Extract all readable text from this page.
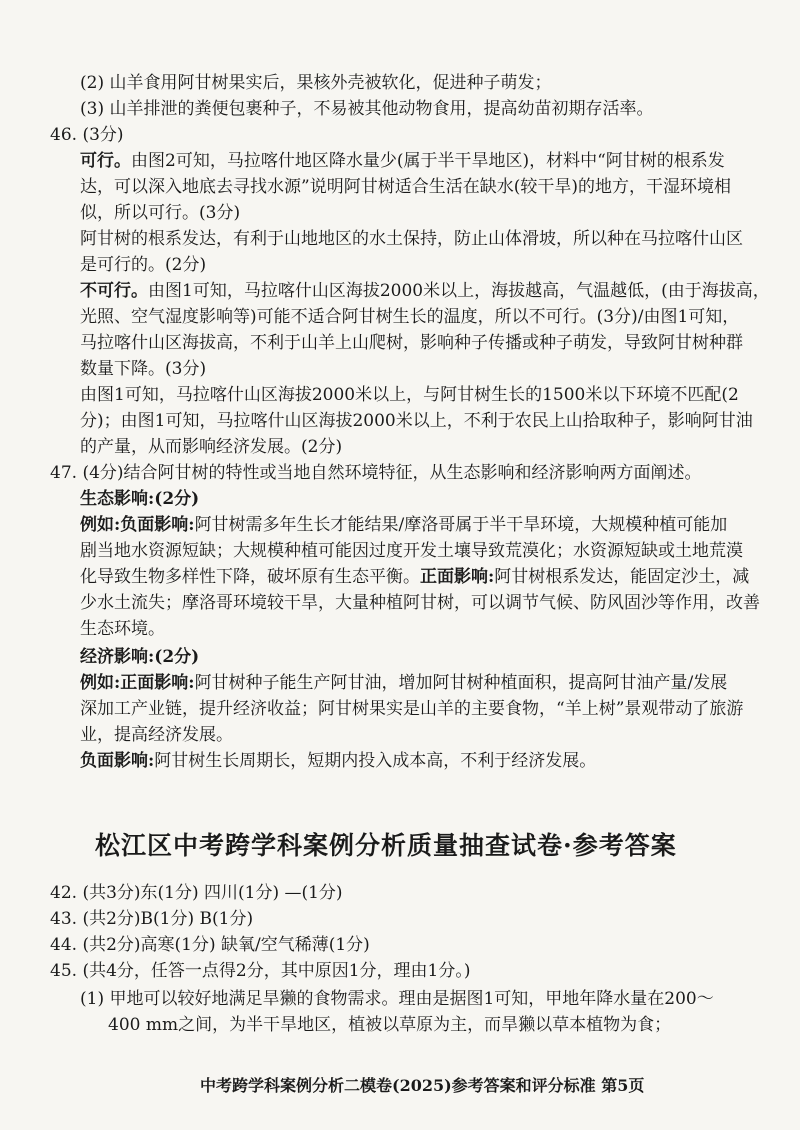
(2) 山羊食用阿甘树果实后，果核外壳被软化，促进种子萌发；
(3) 山羊排泄的粪便包裹种子，不易被其他动物食用，提高幼苗初期存活率。
46. (3分)
可行。由图2可知，马拉喀什地区降水量少(属于半干旱地区)，材料中“阿甘树的根系发
达，可以深入地底去寻找水源”说明阿甘树适合生活在缺水(较干旱)的地方，干湿环境相
似，所以可行。(3分)
阿甘树的根系发达，有利于山地地区的水土保持，防止山体滑坡，所以种在马拉喀什山区
是可行的。(2分)
不可行。由图1可知，马拉喀什山区海拔2000米以上，海拔越高，气温越低，(由于海拔高，
光照、空气湿度影响等)可能不适合阿甘树生长的温度，所以不可行。(3分)/由图1可知，
马拉喀什山区海拔高，不利于山羊上山爬树，影响种子传播或种子萌发，导致阿甘树种群
数量下降。(3分)
由图1可知，马拉喀什山区海拔2000米以上，与阿甘树生长的1500米以下环境不匹配(2
分)；由图1可知，马拉喀什山区海拔2000米以上，不利于农民上山拾取种子，影响阿甘油
的产量，从而影响经济发展。(2分)
47. (4分)结合阿甘树的特性或当地自然环境特征，从生态影响和经济影响两方面阐述。
生态影响:(2分)
例如:负面影响:阿甘树需多年生长才能结果/摩洛哥属于半干旱环境，大规模种植可能加
剧当地水资源短缺；大规模种植可能因过度开发土壤导致荒漠化；水资源短缺或土地荒漠
化导致生物多样性下降，破坏原有生态平衡。正面影响:阿甘树根系发达，能固定沙土，减
少水土流失；摩洛哥环境较干旱，大量种植阿甘树，可以调节气候、防风固沙等作用，改善
生态环境。
经济影响:(2分)
例如:正面影响:阿甘树种子能生产阿甘油，增加阿甘树种植面积，提高阿甘油产量/发展
深加工产业链，提升经济收益；阿甘树果实是山羊的主要食物，“羊上树”景观带动了旅游
业，提高经济发展。
负面影响:阿甘树生长周期长，短期内投入成本高，不利于经济发展。
松江区中考跨学科案例分析质量抽查试卷·参考答案
42. (共3分)东(1分) 四川(1分) —(1分)
43. (共2分)B(1分) B(1分)
44. (共2分)高寒(1分) 缺氧/空气稀薄(1分)
45. (共4分，任答一点得2分，其中原因1分，理由1分。)
(1) 甲地可以较好地满足旱獭的食物需求。理由是据图1可知，甲地年降水量在200～
400 mm之间，为半干旱地区，植被以草原为主，而旱獭以草本植物为食；
中考跨学科案例分析二模卷(2025)参考答案和评分标准 第5页
